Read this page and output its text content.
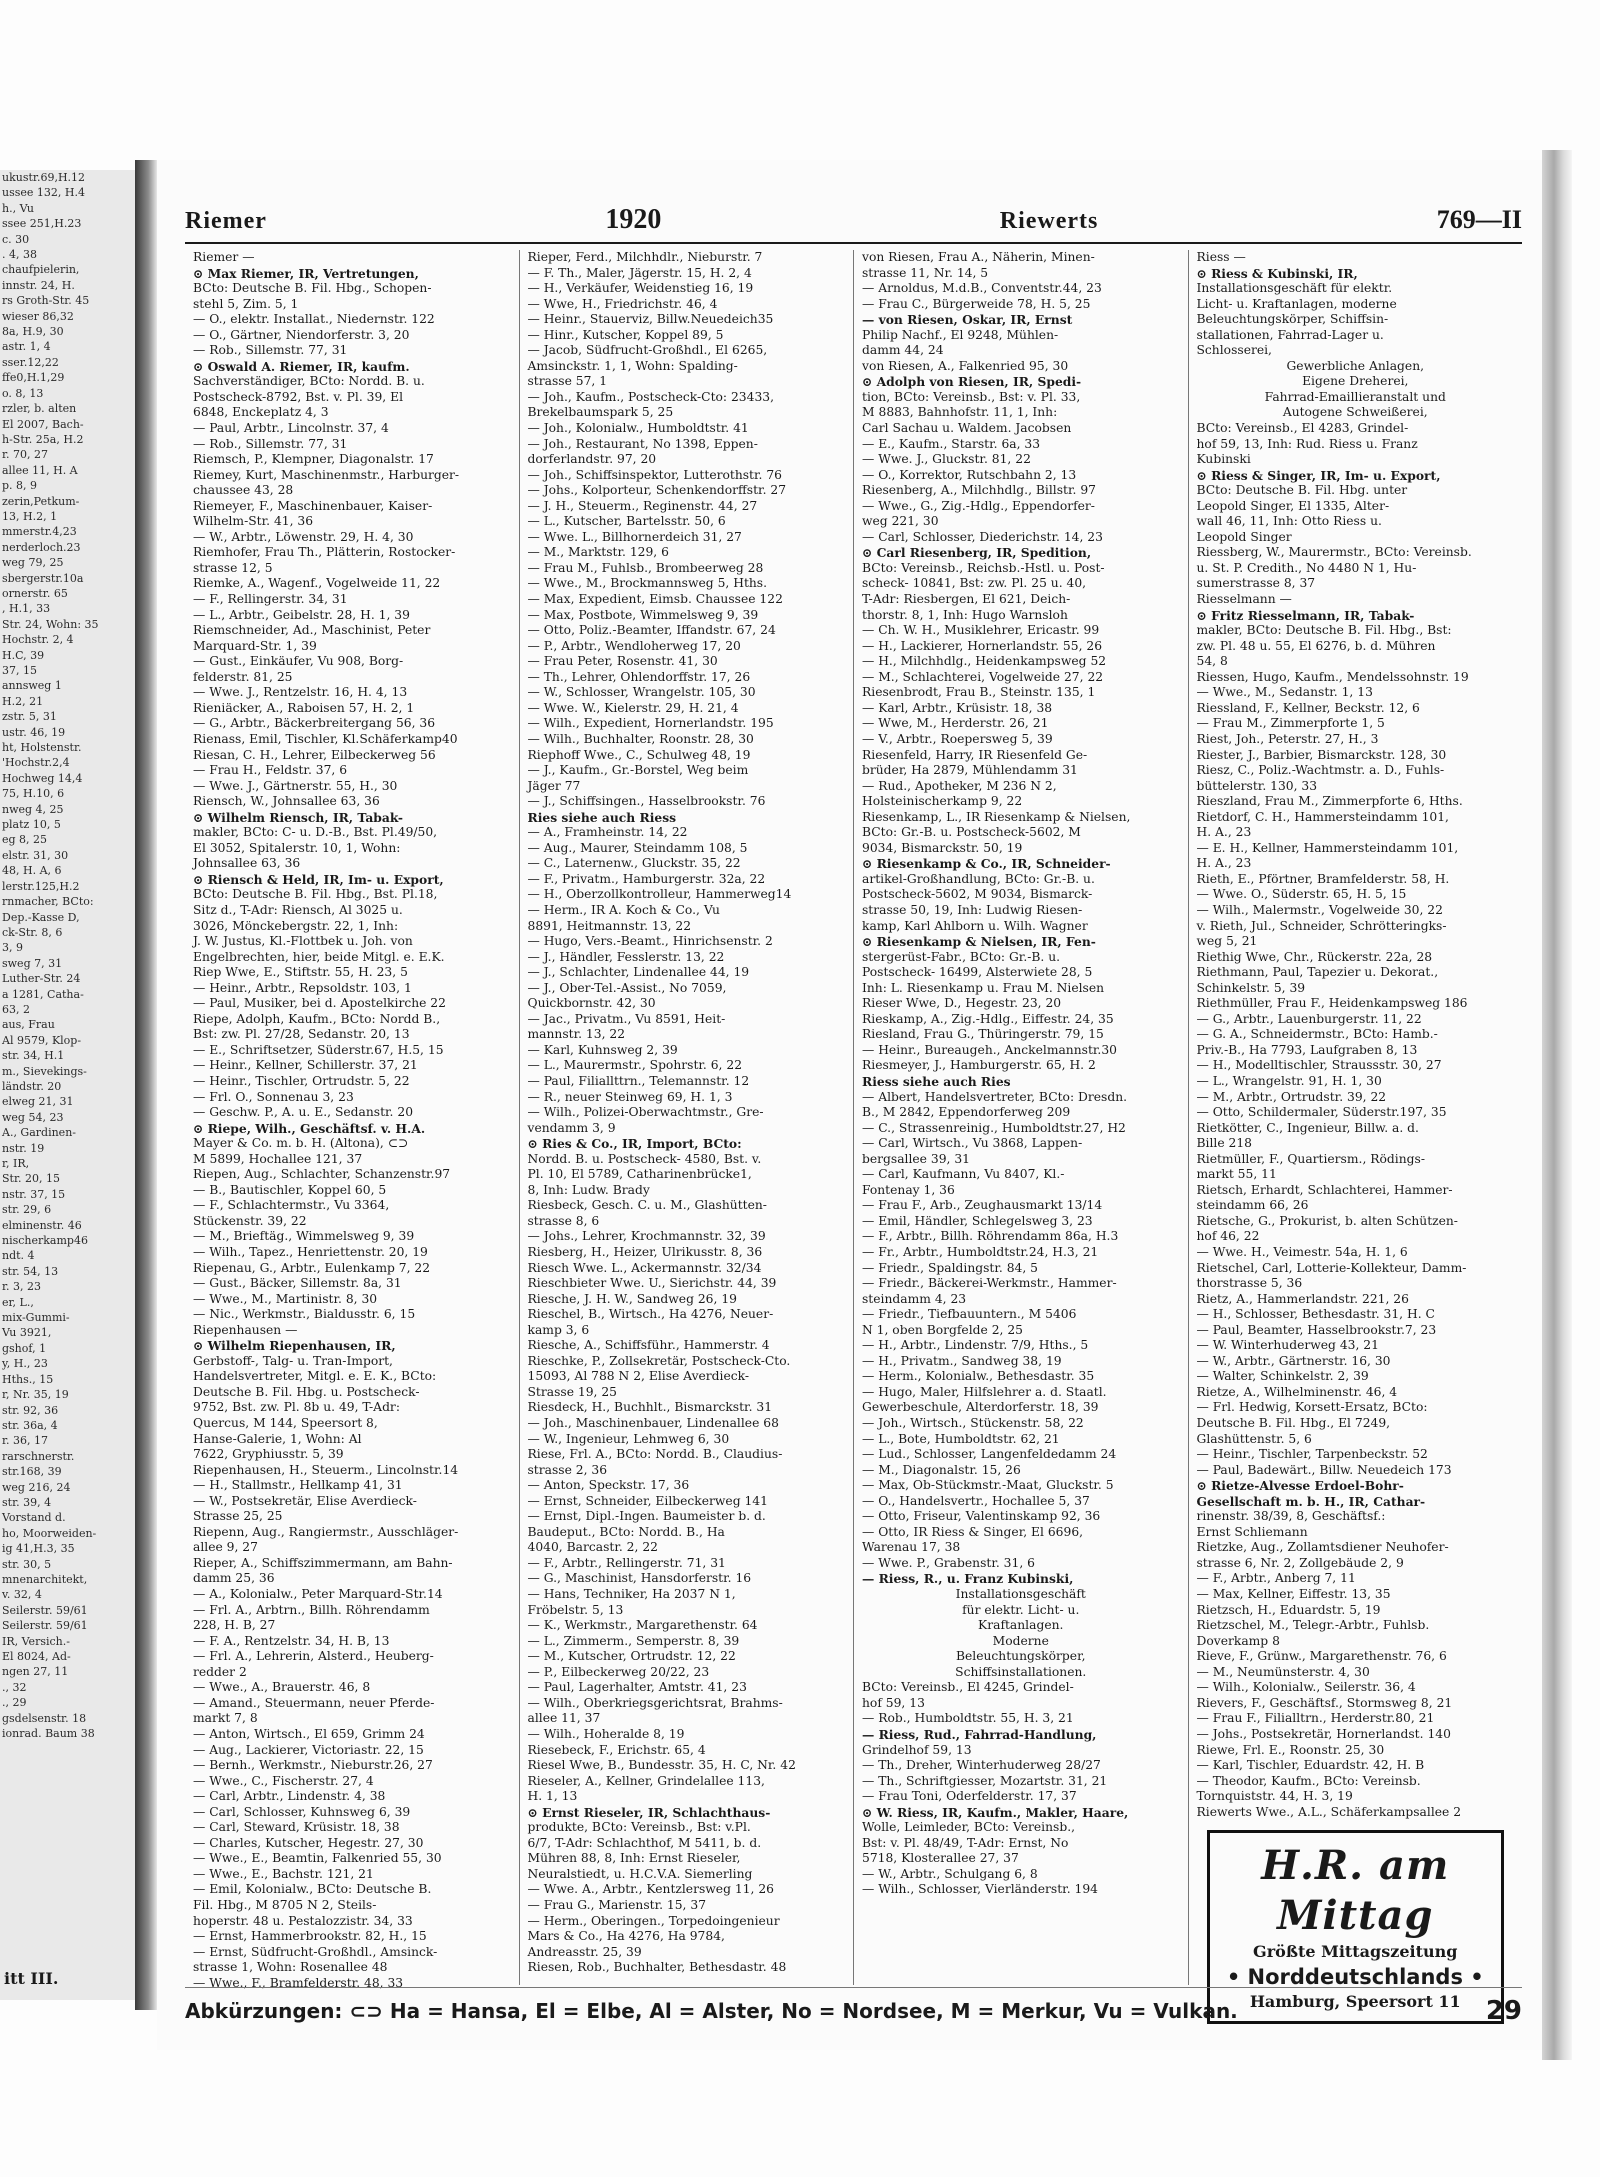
ukustr.69,H.12
ussee 132, H.4
h., Vu
ssee 251,H.23
c. 30
. 4, 38
chaufpielerin,
innstr. 24, H.
rs Groth-Str. 45
wieser 86,32
8a, H.9, 30
astr. 1, 4
sser.12,22
ffe0,H.1,29
o. 8, 13
rzler, b. alten
El 2007, Bach-
h-Str. 25a, H.2
r. 70, 27
allee 11, H. A
p. 8, 9
zerin,Petkum-
13, H.2, 1
mmerstr.4,23
nerderloch.23
weg 79, 25
sbergerstr.10a
ornerstr. 65
, H.1, 33
Str. 24, Wohn: 35
Hochstr. 2, 4
H.C, 39
37, 15
annsweg 1
H.2, 21
zstr. 5, 31
ustr. 46, 19
ht, Holstenstr.
'Hochstr.2,4
Hochweg 14,4
75, H.10, 6
nweg 4, 25
platz 10, 5
eg 8, 25
elstr. 31, 30
48, H. A, 6
lerstr.125,H.2
rnmacher, BCto:
Dep.-Kasse D,
ck-Str. 8, 6
3, 9
sweg 7, 31
Luther-Str. 24
a 1281, Catha-
63, 2
aus, Frau
Al 9579, Klop-
str. 34, H.1
m., Sievekings-
ländstr. 20
elweg 21, 31
weg 54, 23
A., Gardinen-
nstr. 19
r, IR,
Str. 20, 15
nstr. 37, 15
str. 29, 6
elminenstr. 46
nischerkamp46
ndt. 4
str. 54, 13
r. 3, 23
er, L.,
mix-Gummi-
Vu 3921,
gshof, 1
y, H., 23
Hths., 15
r, Nr. 35, 19
str. 92, 36
str. 36a, 4
r. 36, 17
rarschnerstr.
str.168, 39
weg 216, 24
str. 39, 4
Vorstand d.
ho, Moorweiden-
ig 41,H.3, 35
str. 30, 5
mnenarchitekt,
v. 32, 4
Seilerstr. 59/61
Seilerstr. 59/61
IR, Versich.-
El 8024, Ad-
ngen 27, 11
., 32
., 29
gsdelsenstr. 18
ionrad. Baum 38
itt III.
Riemer	1920	Riewerts	769—II
Riemer —
⊙ Max Riemer, IR, Vertretungen,
BCto: Deutsche B. Fil. Hbg., Schopen-
stehl 5, Zim. 5, 1
— O., elektr. Installat., Niedernstr. 122
— O., Gärtner, Niendorferstr. 3, 20
— Rob., Sillemstr. 77, 31
⊙ Oswald A. Riemer, IR, kaufm.
Sachverständiger, BCto: Nordd. B. u.
Postscheck-8792, Bst. v. Pl. 39, El
6848, Enckeplatz 4, 3
— Paul, Arbtr., Lincolnstr. 37, 4
— Rob., Sillemstr. 77, 31
Riemsch, P., Klempner, Diagonalstr. 17
Riemey, Kurt, Maschinenmstr., Harburger-
chaussee 43, 28
Riemeyer, F., Maschinenbauer, Kaiser-
Wilhelm-Str. 41, 36
— W., Arbtr., Löwenstr. 29, H. 4, 30
Riemhofer, Frau Th., Plätterin, Rostocker-
strasse 12, 5
Riemke, A., Wagenf., Vogelweide 11, 22
— F., Rellingerstr. 34, 31
— L., Arbtr., Geibelstr. 28, H. 1, 39
Riemschneider, Ad., Maschinist, Peter
Marquard-Str. 1, 39
— Gust., Einkäufer, Vu 908, Borg-
felderstr. 81, 25
— Wwe. J., Rentzelstr. 16, H. 4, 13
Rieniäcker, A., Raboisen 57, H. 2, 1
— G., Arbtr., Bäckerbreitergang 56, 36
Rienass, Emil, Tischler, Kl.Schäferkamp40
Riesan, C. H., Lehrer, Eilbeckerweg 56
— Frau H., Feldstr. 37, 6
— Wwe. J., Gärtnerstr. 55, H., 30
Riensch, W., Johnsallee 63, 36
⊙ Wilhelm Riensch, IR, Tabak-
makler, BCto: C- u. D.-B., Bst. Pl.49/50,
El 3052, Spitalerstr. 10, 1, Wohn:
Johnsallee 63, 36
⊙ Riensch & Held, IR, Im- u. Export,
BCto: Deutsche B. Fil. Hbg., Bst. Pl.18,
Sitz d., T-Adr: Riensch, Al 3025 u.
3026, Mönckebergstr. 22, 1, Inh:
J. W. Justus, Kl.-Flottbek u. Joh. von
Engelbrechten, hier, beide Mitgl. e. E.K.
Riep Wwe, E., Stiftstr. 55, H. 23, 5
— Heinr., Arbtr., Repsoldstr. 103, 1
— Paul, Musiker, bei d. Apostelkirche 22
Riepe, Adolph, Kaufm., BCto: Nordd B.,
Bst: zw. Pl. 27/28, Sedanstr. 20, 13
— E., Schriftsetzer, Süderstr.67, H.5, 15
— Heinr., Kellner, Schillerstr. 37, 21
— Heinr., Tischler, Ortrudstr. 5, 22
— Frl. O., Sonnenau 3, 23
— Geschw. P., A. u. E., Sedanstr. 20
⊙ Riepe, Wilh., Geschäftsf. v. H.A.
Mayer & Co. m. b. H. (Altona), ⊂⊃
M 5899, Hochallee 121, 37
Riepen, Aug., Schlachter, Schanzenstr.97
— B., Bautischler, Koppel 60, 5
— F., Schlachtermstr., Vu 3364,
Stückenstr. 39, 22
— M., Brieftäg., Wimmelsweg 9, 39
— Wilh., Tapez., Henriettenstr. 20, 19
Riepenau, G., Arbtr., Eulenkamp 7, 22
— Gust., Bäcker, Sillemstr. 8a, 31
— Wwe., M., Martinistr. 8, 30
— Nic., Werkmstr., Bialdusstr. 6, 15
Riepenhausen —
⊙ Wilhelm Riepenhausen, IR,
Gerbstoff-, Talg- u. Tran-Import,
Handelsvertreter, Mitgl. e. E. K., BCto:
Deutsche B. Fil. Hbg. u. Postscheck-
9752, Bst. zw. Pl. 8b u. 49, T-Adr:
Quercus, M 144, Speersort 8,
Hanse-Galerie, 1, Wohn: Al
7622, Gryphiusstr. 5, 39
Riepenhausen, H., Steuerm., Lincolnstr.14
— H., Stallmstr., Hellkamp 41, 31
— W., Postsekretär, Elise Averdieck-
Strasse 25, 25
Riepenn, Aug., Rangiermstr., Ausschläger-
allee 9, 27
Rieper, A., Schiffszimmermann, am Bahn-
damm 25, 36
— A., Kolonialw., Peter Marquard-Str.14
— Frl. A., Arbtrn., Billh. Röhrendamm
228, H. B, 27
— F. A., Rentzelstr. 34, H. B, 13
— Frl. A., Lehrerin, Alsterd., Heuberg-
redder 2
— Wwe., A., Brauerstr. 46, 8
— Amand., Steuermann, neuer Pferde-
markt 7, 8
— Anton, Wirtsch., El 659, Grimm 24
— Aug., Lackierer, Victoriastr. 22, 15
— Bernh., Werkmstr., Nieburstr.26, 27
— Wwe., C., Fischerstr. 27, 4
— Carl, Arbtr., Lindenstr. 4, 38
— Carl, Schlosser, Kuhnsweg 6, 39
— Carl, Steward, Krüsistr. 18, 38
— Charles, Kutscher, Hegestr. 27, 30
— Wwe., E., Beamtin, Falkenried 55, 30
— Wwe., E., Bachstr. 121, 21
— Emil, Kolonialw., BCto: Deutsche B.
Fil. Hbg., M 8705 N 2, Steils-
hoperstr. 48 u. Pestalozzistr. 34, 33
— Ernst, Hammerbrookstr. 82, H., 15
— Ernst, Südfrucht-Großhdl., Amsinck-
strasse 1, Wohn: Rosenallee 48
— Wwe., F., Bramfelderstr. 48, 33
Rieper, Ferd., Milchhdlr., Nieburstr. 7
— F. Th., Maler, Jägerstr. 15, H. 2, 4
— H., Verkäufer, Weidenstieg 16, 19
— Wwe, H., Friedrichstr. 46, 4
— Heinr., Stauerviz, Billw.Neuedeich35
— Hinr., Kutscher, Koppel 89, 5
— Jacob, Südfrucht-Großhdl., El 6265,
Amsinckstr. 1, 1, Wohn: Spalding-
strasse 57, 1
— Joh., Kaufm., Postscheck-Cto: 23433,
Brekelbaumspark 5, 25
— Joh., Kolonialw., Humboldtstr. 41
— Joh., Restaurant, No 1398, Eppen-
dorferlandstr. 97, 20
— Joh., Schiffsinspektor, Lutterothstr. 76
— Johs., Kolporteur, Schenkendorffstr. 27
— J. H., Steuerm., Reginenstr. 44, 27
— L., Kutscher, Bartelsstr. 50, 6
— Wwe. L., Billhornerdeich 31, 27
— M., Marktstr. 129, 6
— Frau M., Fuhlsb., Brombeerweg 28
— Wwe., M., Brockmannsweg 5, Hths.
— Max, Expedient, Eimsb. Chaussee 122
— Max, Postbote, Wimmelsweg 9, 39
— Otto, Poliz.-Beamter, Iffandstr. 67, 24
— P., Arbtr., Wendloherweg 17, 20
— Frau Peter, Rosenstr. 41, 30
— Th., Lehrer, Ohlendorffstr. 17, 26
— W., Schlosser, Wrangelstr. 105, 30
— Wwe. W., Kielerstr. 29, H. 21, 4
— Wilh., Expedient, Hornerlandstr. 195
— Wilh., Buchhalter, Roonstr. 28, 30
Riephoff Wwe., C., Schulweg 48, 19
— J., Kaufm., Gr.-Borstel, Weg beim
Jäger 77
— J., Schiffsingen., Hasselbrookstr. 76
Ries siehe auch Riess
— A., Framheinstr. 14, 22
— Aug., Maurer, Steindamm 108, 5
— C., Laternenw., Gluckstr. 35, 22
— F., Privatm., Hamburgerstr. 32a, 22
— H., Oberzollkontrolleur, Hammerweg14
— Herm., IR A. Koch & Co., Vu
8891, Heitmannstr. 13, 22
— Hugo, Vers.-Beamt., Hinrichsenstr. 2
— J., Händler, Fesslerstr. 13, 22
— J., Schlachter, Lindenallee 44, 19
— J., Ober-Tel.-Assist., No 7059,
Quickbornstr. 42, 30
— Jac., Privatm., Vu 8591, Heit-
mannstr. 13, 22
— Karl, Kuhnsweg 2, 39
— L., Maurermstr., Spohrstr. 6, 22
— Paul, Filiallttrn., Telemannstr. 12
— R., neuer Steinweg 69, H. 1, 3
— Wilh., Polizei-Oberwachtmstr., Gre-
vendamm 3, 9
⊙ Ries & Co., IR, Import, BCto:
Nordd. B. u. Postscheck- 4580, Bst. v.
Pl. 10, El 5789, Catharinenbrücke1,
8, Inh: Ludw. Brady
Riesbeck, Gesch. C. u. M., Glashütten-
strasse 8, 6
— Johs., Lehrer, Krochmannstr. 32, 39
Riesberg, H., Heizer, Ulrikusstr. 8, 36
Riesch Wwe. L., Ackermannstr. 32/34
Rieschbieter Wwe. U., Sierichstr. 44, 39
Riesche, J. H. W., Sandweg 26, 19
Rieschel, B., Wirtsch., Ha 4276, Neuer-
kamp 3, 6
Riesche, A., Schiffsführ., Hammerstr. 4
Rieschke, P., Zollsekretär, Postscheck-Cto.
15093, Al 788 N 2, Elise Averdieck-
Strasse 19, 25
Riesdeck, H., Buchhlt., Bismarckstr. 31
— Joh., Maschinenbauer, Lindenallee 68
— W., Ingenieur, Lehmweg 6, 30
Riese, Frl. A., BCto: Nordd. B., Claudius-
strasse 2, 36
— Anton, Speckstr. 17, 36
— Ernst, Schneider, Eilbeckerweg 141
— Ernst, Dipl.-Ingen. Baumeister b. d.
Baudeput., BCto: Nordd. B., Ha
4040, Barcastr. 2, 22
— F., Arbtr., Rellingerstr. 71, 31
— G., Maschinist, Hansdorferstr. 16
— Hans, Techniker, Ha 2037 N 1,
Fröbelstr. 5, 13
— K., Werkmstr., Margarethenstr. 64
— L., Zimmerm., Semperstr. 8, 39
— M., Kutscher, Ortrudstr. 12, 22
— P., Eilbeckerweg 20/22, 23
— Paul, Lagerhalter, Amtstr. 41, 23
— Wilh., Oberkriegsgerichtsrat, Brahms-
allee 11, 37
— Wilh., Hoheralde 8, 19
Riesebeck, F., Erichstr. 65, 4
Riesel Wwe, B., Bundesstr. 35, H. C, Nr. 42
Rieseler, A., Kellner, Grindelallee 113,
H. 1, 13
⊙ Ernst Rieseler, IR, Schlachthaus-
produkte, BCto: Vereinsb., Bst: v.Pl.
6/7, T-Adr: Schlachthof, M 5411, b. d.
Mühren 88, 8, Inh: Ernst Rieseler,
Neuralstiedt, u. H.C.V.A. Siemerling
— Wwe. A., Arbtr., Kentzlersweg 11, 26
— Frau G., Marienstr. 15, 37
— Herm., Oberingen., Torpedoingenieur
Mars & Co., Ha 4276, Ha 9784,
Andreasstr. 25, 39
Riesen, Rob., Buchhalter, Bethesdastr. 48
von Riesen, Frau A., Näherin, Minen-
strasse 11, Nr. 14, 5
— Arnoldus, M.d.B., Conventstr.44, 23
— Frau C., Bürgerweide 78, H. 5, 25
— von Riesen, Oskar, IR, Ernst
Philip Nachf., El 9248, Mühlen-
damm 44, 24
von Riesen, A., Falkenried 95, 30
⊙ Adolph von Riesen, IR, Spedi-
tion, BCto: Vereinsb., Bst: v. Pl. 33,
M 8883, Bahnhofstr. 11, 1, Inh:
Carl Sachau u. Waldem. Jacobsen
— E., Kaufm., Starstr. 6a, 33
— Wwe. J., Gluckstr. 81, 22
— O., Korrektor, Rutschbahn 2, 13
Riesenberg, A., Milchhdlg., Billstr. 97
— Wwe., G., Zig.-Hdlg., Eppendorfer-
weg 221, 30
— Carl, Schlosser, Diederichstr. 14, 23
⊙ Carl Riesenberg, IR, Spedition,
BCto: Vereinsb., Reichsb.-Hstl. u. Post-
scheck- 10841, Bst: zw. Pl. 25 u. 40,
T-Adr: Riesbergen, El 621, Deich-
thorstr. 8, 1, Inh: Hugo Warnsloh
— Ch. W. H., Musiklehrer, Ericastr. 99
— H., Lackierer, Hornerlandstr. 55, 26
— H., Milchhdlg., Heidenkampsweg 52
— M., Schlachterei, Vogelweide 27, 22
Riesenbrodt, Frau B., Steinstr. 135, 1
— Karl, Arbtr., Krüsistr. 18, 38
— Wwe, M., Herderstr. 26, 21
— V., Arbtr., Roepersweg 5, 39
Riesenfeld, Harry, IR Riesenfeld Ge-
brüder, Ha 2879, Mühlendamm 31
— Rud., Apotheker, M 236 N 2,
Holsteinischerkamp 9, 22
Riesenkamp, L., IR Riesenkamp & Nielsen,
BCto: Gr.-B. u. Postscheck-5602, M
9034, Bismarckstr. 50, 19
⊙ Riesenkamp & Co., IR, Schneider-
artikel-Großhandlung, BCto: Gr.-B. u.
Postscheck-5602, M 9034, Bismarck-
strasse 50, 19, Inh: Ludwig Riesen-
kamp, Karl Ahlborn u. Wilh. Wagner
⊙ Riesenkamp & Nielsen, IR, Fen-
stergerüst-Fabr., BCto: Gr.-B. u.
Postscheck- 16499, Alsterwiete 28, 5
Inh: L. Riesenkamp u. Frau M. Nielsen
Rieser Wwe, D., Hegestr. 23, 20
Rieskamp, A., Zig.-Hdlg., Eiffestr. 24, 35
Riesland, Frau G., Thüringerstr. 79, 15
— Heinr., Bureaugeh., Anckelmannstr.30
Riesmeyer, J., Hamburgerstr. 65, H. 2
Riess siehe auch Ries
— Albert, Handelsvertreter, BCto: Dresdn.
B., M 2842, Eppendorferweg 209
— C., Strassenreinig., Humboldtstr.27, H2
— Carl, Wirtsch., Vu 3868, Lappen-
bergsallee 39, 31
— Carl, Kaufmann, Vu 8407, Kl.-
Fontenay 1, 36
— Frau F., Arb., Zeughausmarkt 13/14
— Emil, Händler, Schlegelsweg 3, 23
— F., Arbtr., Billh. Röhrendamm 86a, H.3
— Fr., Arbtr., Humboldtstr.24, H.3, 21
— Friedr., Spaldingstr. 84, 5
— Friedr., Bäckerei-Werkmstr., Hammer-
steindamm 4, 23
— Friedr., Tiefbauuntern., M 5406
N 1, oben Borgfelde 2, 25
— H., Arbtr., Lindenstr. 7/9, Hths., 5
— H., Privatm., Sandweg 38, 19
— Herm., Kolonialw., Bethesdastr. 35
— Hugo, Maler, Hilfslehrer a. d. Staatl.
Gewerbeschule, Alterdorferstr. 18, 39
— Joh., Wirtsch., Stückenstr. 58, 22
— L., Bote, Humboldtstr. 62, 21
— Lud., Schlosser, Langenfeldedamm 24
— M., Diagonalstr. 15, 26
— Max, Ob-Stückmstr.-Maat, Gluckstr. 5
— O., Handelsvertr., Hochallee 5, 37
— Otto, Friseur, Valentinskamp 92, 36
— Otto, IR Riess & Singer, El 6696,
Warenau 17, 38
— Wwe. P., Grabenstr. 31, 6
— Riess, R., u. Franz Kubinski,
Installationsgeschäft
für elektr. Licht- u.
Kraftanlagen.
Moderne
Beleuchtungskörper,
Schiffsinstallationen.
BCto: Vereinsb., El 4245, Grindel-
hof 59, 13
— Rob., Humboldtstr. 55, H. 3, 21
— Riess, Rud., Fahrrad-Handlung,
Grindelhof 59, 13
— Th., Dreher, Winterhuderweg 28/27
— Th., Schriftgiesser, Mozartstr. 31, 21
— Frau Toni, Oderfelderstr. 17, 37
⊙ W. Riess, IR, Kaufm., Makler, Haare,
Wolle, Leimleder, BCto: Vereinsb.,
Bst: v. Pl. 48/49, T-Adr: Ernst, No
5718, Klosterallee 27, 37
— W., Arbtr., Schulgang 6, 8
— Wilh., Schlosser, Vierländerstr. 194
Riess —
⊙ Riess & Kubinski, IR,
Installationsgeschäft für elektr.
Licht- u. Kraftanlagen, moderne
Beleuchtungskörper, Schiffsin-
stallationen, Fahrrad-Lager u.
Schlosserei,
Gewerbliche Anlagen,
Eigene Dreherei,
Fahrrad-Emaillieranstalt und
Autogene Schweißerei,
BCto: Vereinsb., El 4283, Grindel-
hof 59, 13, Inh: Rud. Riess u. Franz
Kubinski
⊙ Riess & Singer, IR, Im- u. Export,
BCto: Deutsche B. Fil. Hbg. unter
Leopold Singer, El 1335, Alter-
wall 46, 11, Inh: Otto Riess u.
Leopold Singer
Riessberg, W., Maurermstr., BCto: Vereinsb.
u. St. P. Credith., No 4480 N 1, Hu-
sumerstrasse 8, 37
Riesselmann —
⊙ Fritz Riesselmann, IR, Tabak-
makler, BCto: Deutsche B. Fil. Hbg., Bst:
zw. Pl. 48 u. 55, El 6276, b. d. Mühren
54, 8
Riessen, Hugo, Kaufm., Mendelssohnstr. 19
— Wwe., M., Sedanstr. 1, 13
Riessland, F., Kellner, Beckstr. 12, 6
— Frau M., Zimmerpforte 1, 5
Riest, Joh., Peterstr. 27, H., 3
Riester, J., Barbier, Bismarckstr. 128, 30
Riesz, C., Poliz.-Wachtmstr. a. D., Fuhls-
büttelerstr. 130, 33
Rieszland, Frau M., Zimmerpforte 6, Hths.
Rietdorf, C. H., Hammersteindamm 101,
H. A., 23
— E. H., Kellner, Hammersteindamm 101,
H. A., 23
Rieth, E., Pförtner, Bramfelderstr. 58, H.
— Wwe. O., Süderstr. 65, H. 5, 15
— Wilh., Malermstr., Vogelweide 30, 22
v. Rieth, Jul., Schneider, Schrötteringks-
weg 5, 21
Riethig Wwe, Chr., Rückerstr. 22a, 28
Riethmann, Paul, Tapezier u. Dekorat.,
Schinkelstr. 5, 39
Riethmüller, Frau F., Heidenkampsweg 186
— G., Arbtr., Lauenburgerstr. 11, 22
— G. A., Schneidermstr., BCto: Hamb.-
Priv.-B., Ha 7793, Laufgraben 8, 13
— H., Modelltischler, Straussstr. 30, 27
— L., Wrangelstr. 91, H. 1, 30
— M., Arbtr., Ortrudstr. 39, 22
— Otto, Schildermaler, Süderstr.197, 35
Rietkötter, C., Ingenieur, Billw. a. d.
Bille 218
Rietmüller, F., Quartiersm., Rödings-
markt 55, 11
Rietsch, Erhardt, Schlachterei, Hammer-
steindamm 66, 26
Rietsche, G., Prokurist, b. alten Schützen-
hof 46, 22
— Wwe. H., Veimestr. 54a, H. 1, 6
Rietschel, Carl, Lotterie-Kollekteur, Damm-
thorstrasse 5, 36
Rietz, A., Hammerlandstr. 221, 26
— H., Schlosser, Bethesdastr. 31, H. C
— Paul, Beamter, Hasselbrookstr.7, 23
— W. Winterhuderweg 43, 21
— W., Arbtr., Gärtnerstr. 16, 30
— Walter, Schinkelstr. 2, 39
Rietze, A., Wilhelminenstr. 46, 4
— Frl. Hedwig, Korsett-Ersatz, BCto:
Deutsche B. Fil. Hbg., El 7249,
Glashüttenstr. 5, 6
— Heinr., Tischler, Tarpenbeckstr. 52
— Paul, Badewärt., Billw. Neuedeich 173
⊙ Rietze-Alvesse Erdoel-Bohr-
Gesellschaft m. b. H., IR, Cathar-
rinenstr. 38/39, 8, Geschäftsf.:
Ernst Schliemann
Rietzke, Aug., Zollamtsdiener Neuhofer-
strasse 6, Nr. 2, Zollgebäude 2, 9
— F., Arbtr., Anberg 7, 11
— Max, Kellner, Eiffestr. 13, 35
Rietzsch, H., Eduardstr. 5, 19
Rietzschel, M., Telegr.-Arbtr., Fuhlsb.
Doverkamp 8
Rieve, F., Grünw., Margarethenstr. 76, 6
— M., Neumünsterstr. 4, 30
— Wilh., Kolonialw., Seilerstr. 36, 4
Rievers, F., Geschäftsf., Stormsweg 8, 21
— Frau F., Filialltrn., Herderstr.80, 21
— Johs., Postsekretär, Hornerlandst. 140
Riewe, Frl. E., Roonstr. 25, 30
— Karl, Tischler, Eduardstr. 42, H. B
— Theodor, Kaufm., BCto: Vereinsb.
Tornquiststr. 44, H. 3, 19
Riewerts Wwe., A.L., Schäferkampsallee 2
H.R. am Mittag
Größte Mittagszeitung
• Norddeutschlands •
Hamburg, Speersort 11
Abkürzungen: ⊂⊃ Ha = Hansa, El = Elbe, Al = Alster, No = Nordsee, M = Merkur, Vu = Vulkan.	29
